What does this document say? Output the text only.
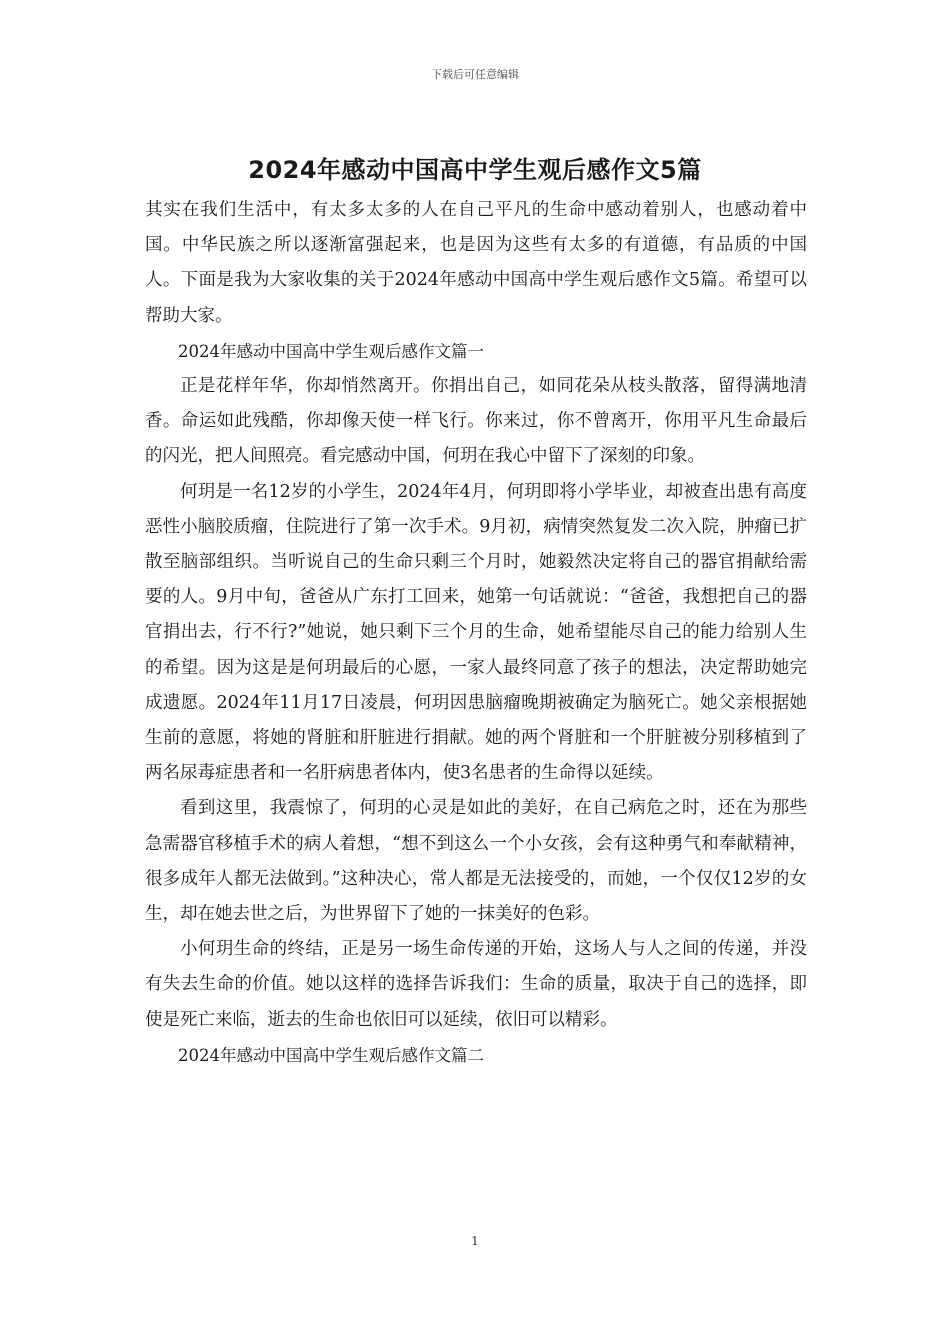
下载后可任意编辑
2024年感动中国高中学生观后感作文5篇

其实在我们生活中，有太多太多的人在自己平凡的生命中感动着别人，也感动着中国。中华民族之所以逐渐富强起来，也是因为这些有太多的有道德，有品质的中国人。下面是我为大家收集的关于2024年感动中国高中学生观后感作文5篇。希望可以帮助大家。

2024年感动中国高中学生观后感作文篇一

正是花样年华，你却悄然离开。你捐出自己，如同花朵从枝头散落，留得满地清香。命运如此残酷，你却像天使一样飞行。你来过，你不曾离开，你用平凡生命最后的闪光，把人间照亮。看完感动中国，何玥在我心中留下了深刻的印象。

何玥是一名12岁的小学生，2024年4月，何玥即将小学毕业，却被查出患有高度恶性小脑胶质瘤，住院进行了第一次手术。9月初，病情突然复发二次入院，肿瘤已扩散至脑部组织。当听说自己的生命只剩三个月时，她毅然决定将自己的器官捐献给需要的人。9月中旬，爸爸从广东打工回来，她第一句话就说：“爸爸，我想把自己的器官捐出去，行不行?”她说，她只剩下三个月的生命，她希望能尽自己的能力给别人生的希望。因为这是是何玥最后的心愿，一家人最终同意了孩子的想法，决定帮助她完成遗愿。2024年11月17日凌晨，何玥因患脑瘤晚期被确定为脑死亡。她父亲根据她生前的意愿，将她的肾脏和肝脏进行捐献。她的两个肾脏和一个肝脏被分别移植到了两名尿毒症患者和一名肝病患者体内，使3名患者的生命得以延续。

看到这里，我震惊了，何玥的心灵是如此的美好，在自己病危之时，还在为那些急需器官移植手术的病人着想，“想不到这么一个小女孩，会有这种勇气和奉献精神，很多成年人都无法做到。”这种决心，常人都是无法接受的，而她，一个仅仅12岁的女生，却在她去世之后，为世界留下了她的一抹美好的色彩。

小何玥生命的终结，正是另一场生命传递的开始，这场人与人之间的传递，并没有失去生命的价值。她以这样的选择告诉我们：生命的质量，取决于自己的选择，即使是死亡来临，逝去的生命也依旧可以延续，依旧可以精彩。

2024年感动中国高中学生观后感作文篇二

1
